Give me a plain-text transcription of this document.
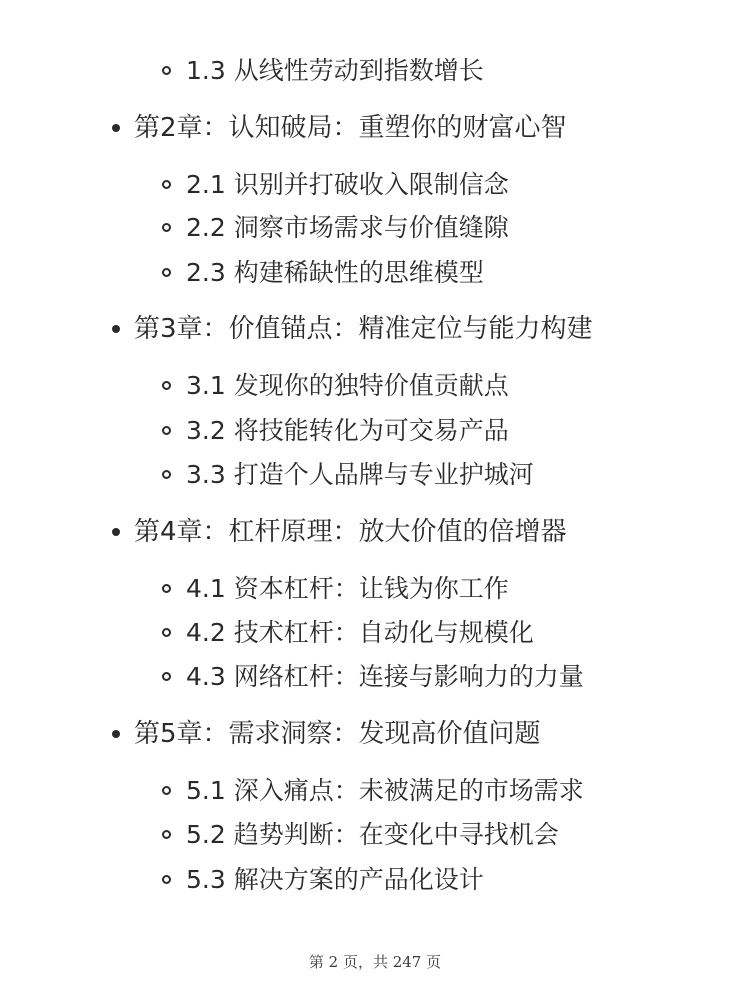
1.3 从线性劳动到指数增长
第2章：认知破局：重塑你的财富心智
2.1 识别并打破收入限制信念
2.2 洞察市场需求与价值缝隙
2.3 构建稀缺性的思维模型
第3章：价值锚点：精准定位与能力构建
3.1 发现你的独特价值贡献点
3.2 将技能转化为可交易产品
3.3 打造个人品牌与专业护城河
第4章：杠杆原理：放大价值的倍增器
4.1 资本杠杆：让钱为你工作
4.2 技术杠杆：自动化与规模化
4.3 网络杠杆：连接与影响力的力量
第5章：需求洞察：发现高价值问题
5.1 深入痛点：未被满足的市场需求
5.2 趋势判断：在变化中寻找机会
5.3 解决方案的产品化设计
第 2 页，共 247 页
